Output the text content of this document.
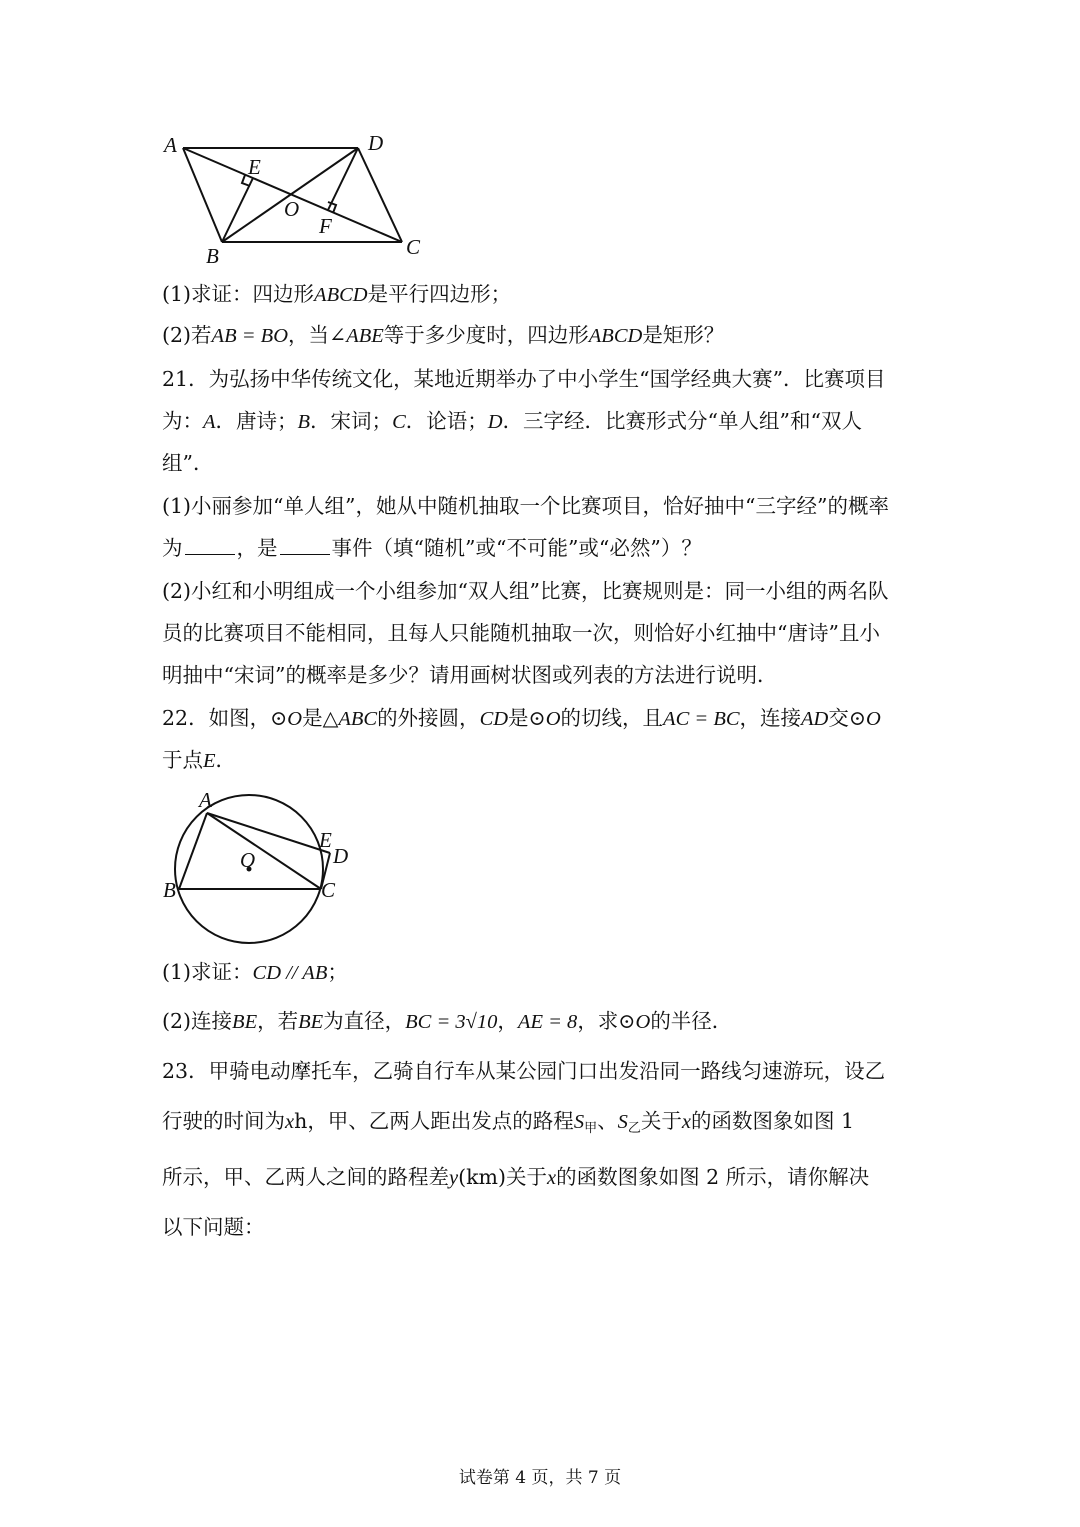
A	D
E
O
F
B	C
(1)求证：四边形ABCD是平行四边形；
(2)若AB = BO，当∠ABE等于多少度时，四边形ABCD是矩形？
21．为弘扬中华传统文化，某地近期举办了中小学生“国学经典大赛”．比赛项目
为：A．唐诗；B．宋词；C．论语；D．三字经．比赛形式分“单人组”和“双人
组”．
(1)小丽参加“单人组”，她从中随机抽取一个比赛项目，恰好抽中“三字经”的概率
为	，是	事件（填“随机”或“不可能”或“必然”）？
(2)小红和小明组成一个小组参加“双人组”比赛，比赛规则是：同一小组的两名队
员的比赛项目不能相同，且每人只能随机抽取一次，则恰好小红抽中“唐诗”且小
明抽中“宋词”的概率是多少？请用画树状图或列表的方法进行说明．
22．如图，⊙O是△ABC的外接圆，CD是⊙O的切线，且AC = BC，连接AD交⊙O
于点E．
A
E
D
O
B	C
(1)求证：CD // AB；
(2)连接BE，若BE为直径，BC = 3√10，AE = 8，求⊙O的半径．
23．甲骑电动摩托车，乙骑自行车从某公园门口出发沿同一路线匀速游玩，设乙
行驶的时间为xh，甲、乙两人距出发点的路程$S_甲$、$S_乙$关于x的函数图象如图 1
所示，甲、乙两人之间的路程差y(km)关于x的函数图象如图 2 所示，请你解决
以下问题：
试卷第 4 页，共 7 页
